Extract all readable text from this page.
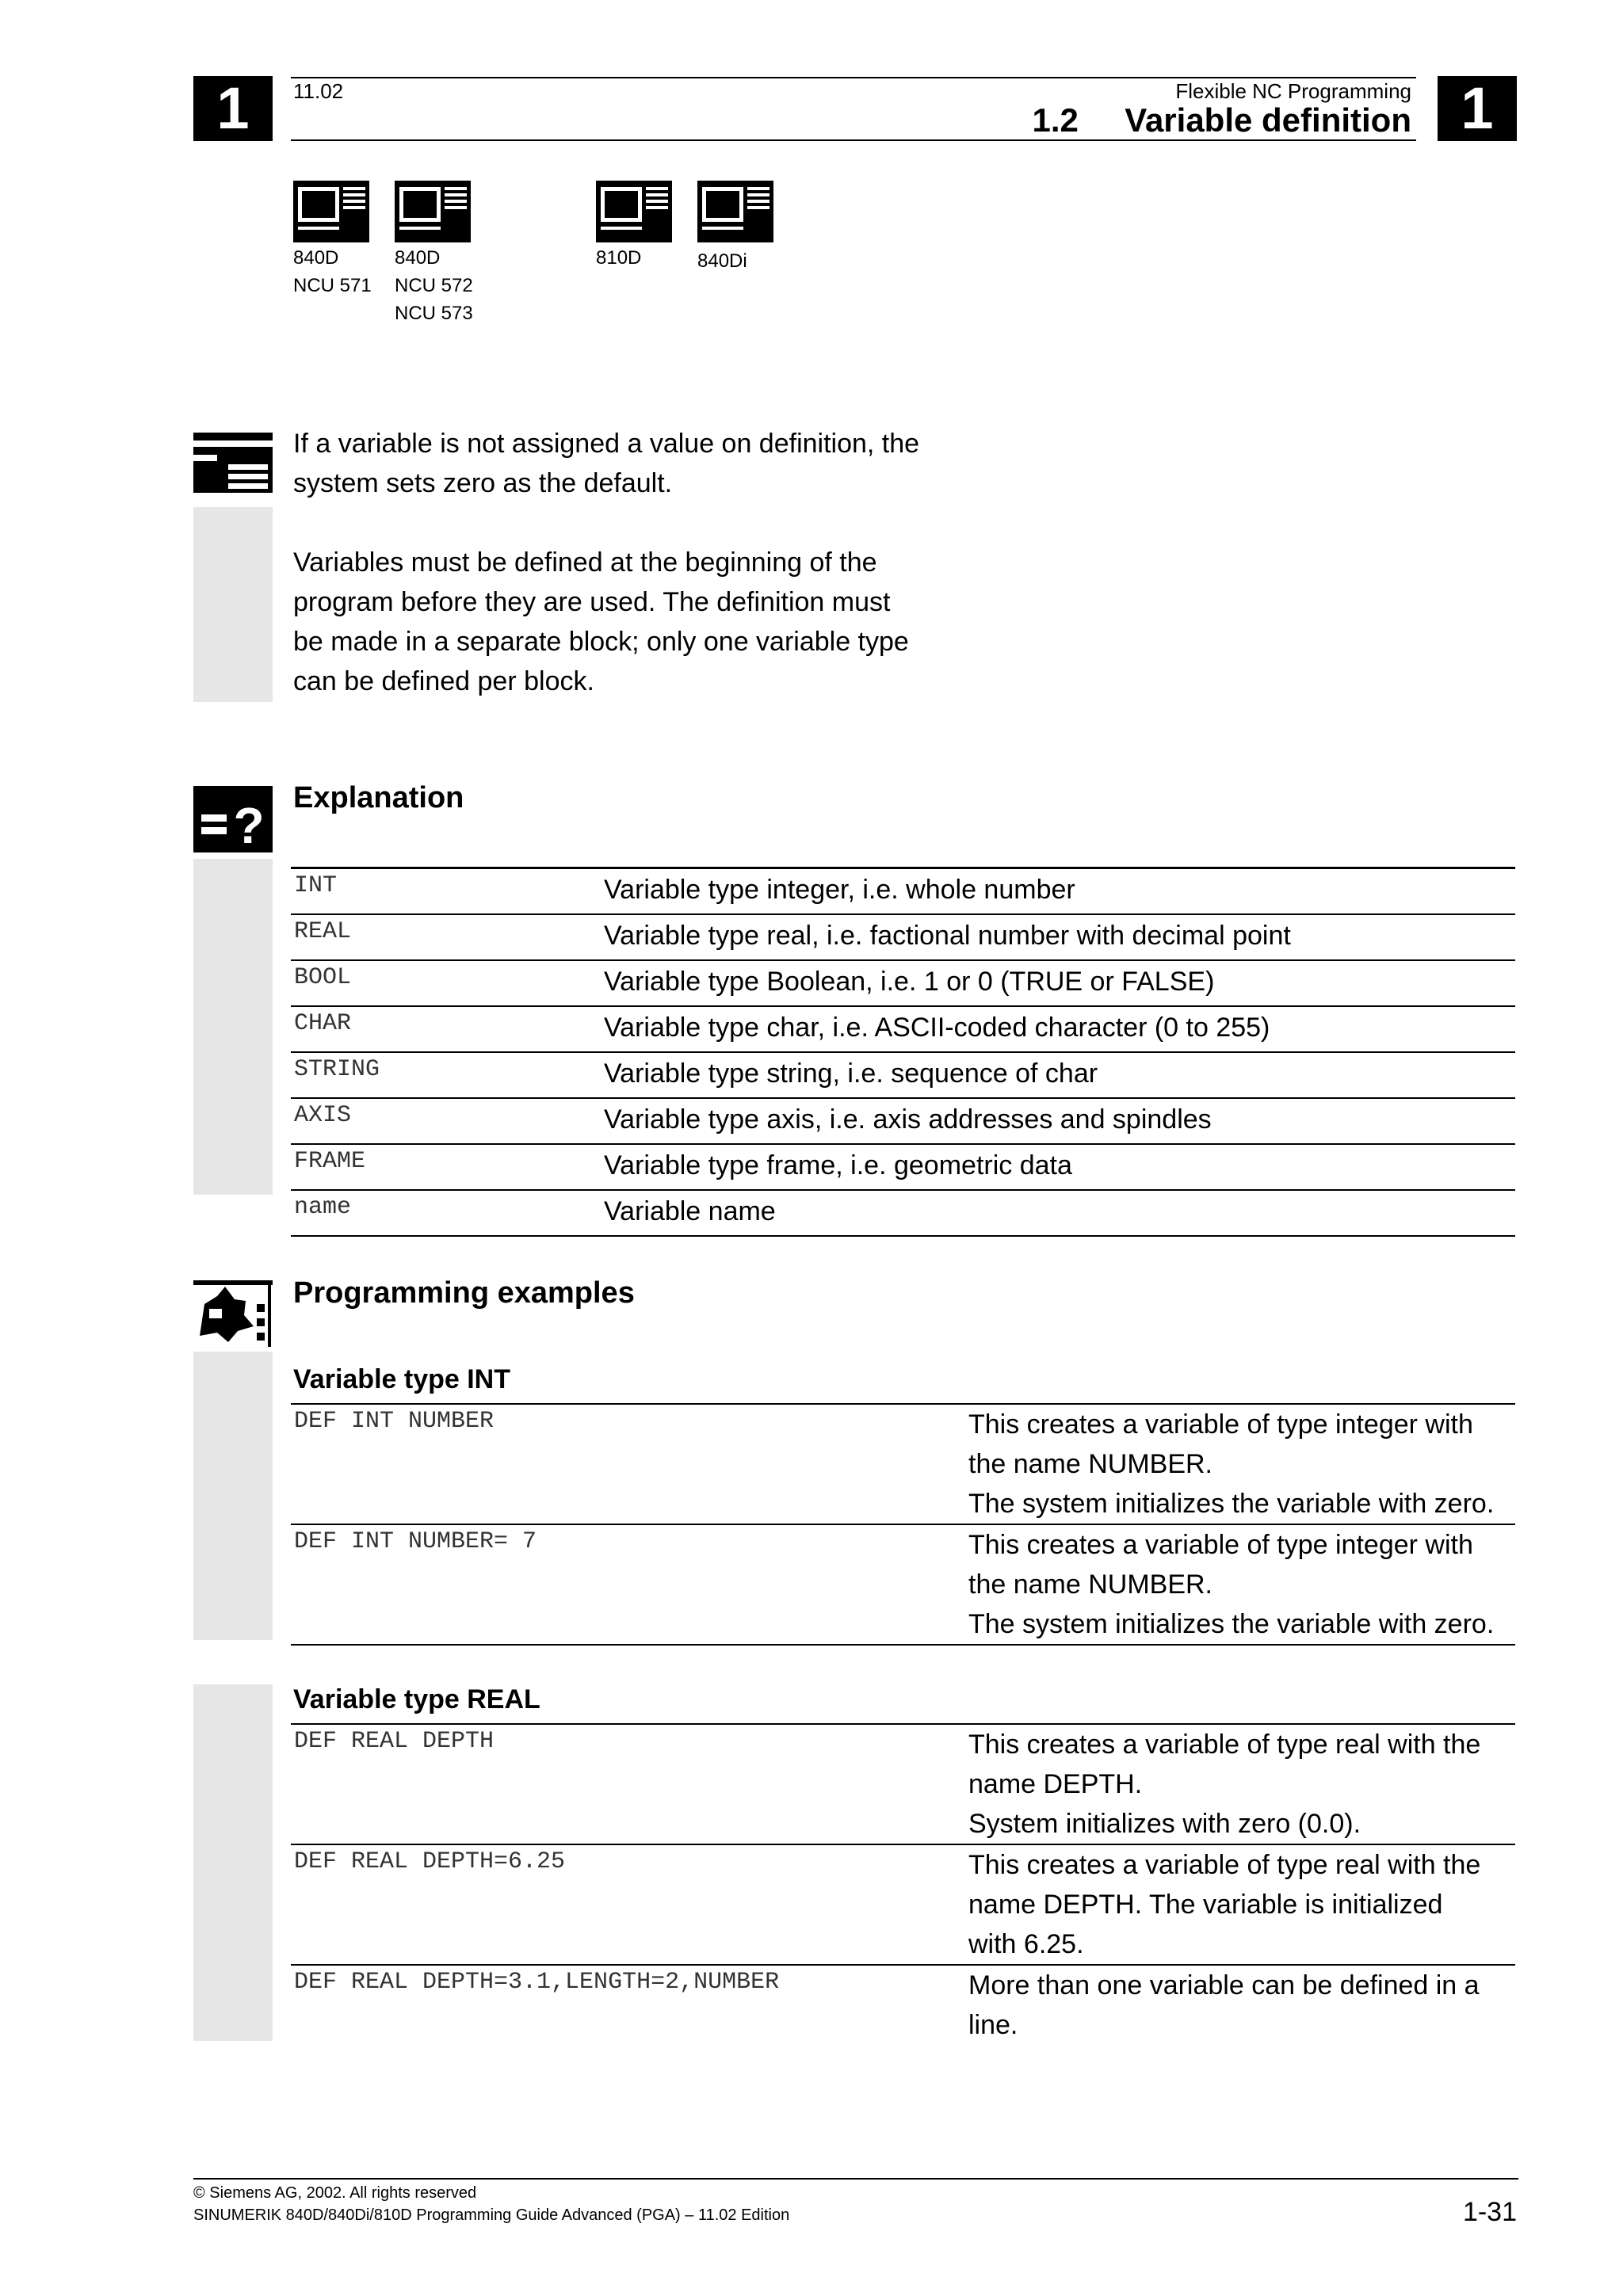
1	1
11.02	Flexible NC Programming
1.2 Variable definition
840D
NCU 571
840D
NCU 572
NCU 573
810D	840Di
If a variable is not assigned a value on definition, the
system sets zero as the default.
Variables must be defined at the beginning of the
program before they are used. The definition must
be made in a separate block; only one variable type
can be defined per block.
? Explanation
INT	Variable type integer, i.e. whole number
REAL	Variable type real, i.e. factional number with decimal point
BOOL	Variable type Boolean, i.e. 1 or 0 (TRUE or FALSE)
CHAR	Variable type char, i.e. ASCII-coded character (0 to 255)
STRING	Variable type string, i.e. sequence of char
AXIS	Variable type axis, i.e. axis addresses and spindles
FRAME	Variable type frame, i.e. geometric data
name	Variable name
Programming examples
Variable type INT
DEF INT NUMBER	This creates a variable of type integer with
the name NUMBER.
The system initializes the variable with zero.

DEF INT NUMBER= 7	This creates a variable of type integer with
the name NUMBER.
The system initializes the variable with zero.
Variable type REAL
DEF REAL DEPTH	This creates a variable of type real with the
name DEPTH.
System initializes with zero (0.0).

DEF REAL DEPTH=6.25	This creates a variable of type real with the
name DEPTH. The variable is initialized
with 6.25.

DEF REAL DEPTH=3.1,LENGTH=2,NUMBER	More than one variable can be defined in a
line.
© Siemens AG, 2002. All rights reserved
SINUMERIK 840D/840Di/810D Programming Guide Advanced (PGA) – 11.02 Edition	1-31
